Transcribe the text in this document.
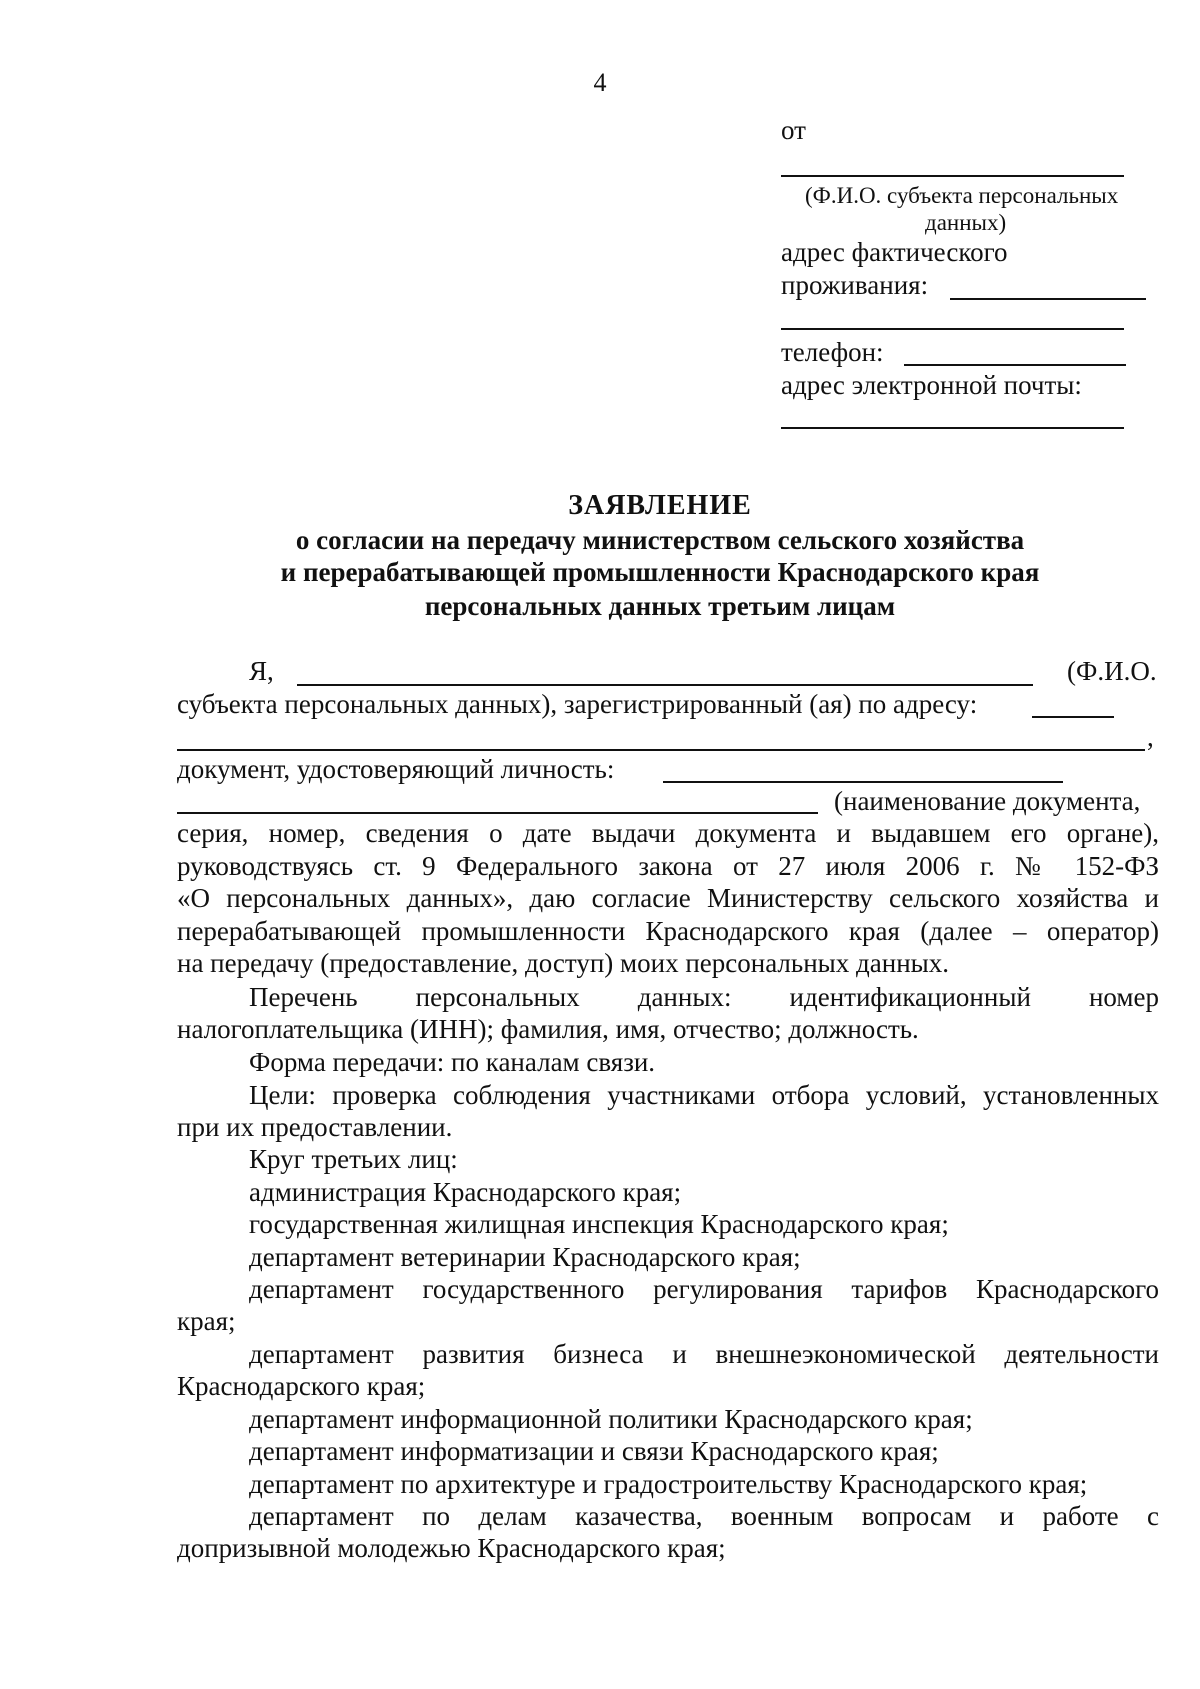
4
от
(Ф.И.О. субъекта персональных
данных)
адрес фактического
проживания:
телефон:
адрес электронной почты:
ЗАЯВЛЕНИЕ
о согласии на передачу министерством сельского хозяйства
и перерабатывающей промышленности Краснодарского края
персональных данных третьим лицам
Я,	(Ф.И.О.
субъекта персональных данных), зарегистрированный (ая) по адресу:
,
документ, удостоверяющий личность:
(наименование документа,
серия, номер, сведения о дате выдачи документа и выдавшем его органе),
руководствуясь ст. 9 Федерального закона от 27 июля 2006 г. № 152-ФЗ
«О персональных данных», даю согласие Министерству сельского хозяйства и
перерабатывающей промышленности Краснодарского края (далее – оператор)
на передачу (предоставление, доступ) моих персональных данных.
Перечень персональных данных: идентификационный номер
налогоплательщика (ИНН); фамилия, имя, отчество; должность.
Форма передачи: по каналам связи.
Цели: проверка соблюдения участниками отбора условий, установленных
при их предоставлении.
Круг третьих лиц:
администрация Краснодарского края;
государственная жилищная инспекция Краснодарского края;
департамент ветеринарии Краснодарского края;
департамент государственного регулирования тарифов Краснодарского
края;
департамент развития бизнеса и внешнеэкономической деятельности
Краснодарского края;
департамент информационной политики Краснодарского края;
департамент информатизации и связи Краснодарского края;
департамент по архитектуре и градостроительству Краснодарского края;
департамент по делам казачества, военным вопросам и работе с
допризывной молодежью Краснодарского края;
